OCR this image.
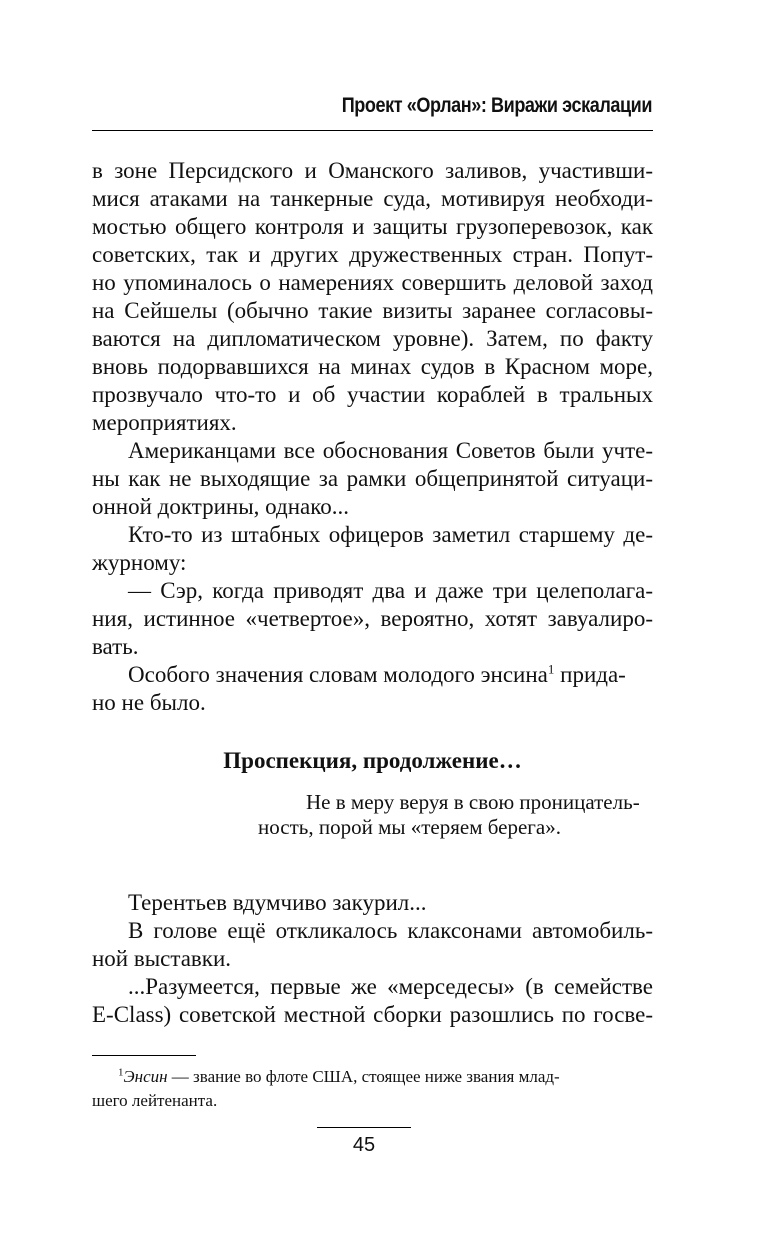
Проект «Орлан»: Виражи эскалации
в зоне Персидского и Оманского заливов, участивши-
мися атаками на танкерные суда, мотивируя необходи-
мостью общего контроля и защиты грузоперевозок, как
советских, так и других дружественных стран. Попут-
но упоминалось о намерениях совершить деловой заход
на Сейшелы (обычно такие визиты заранее согласовы-
ваются на дипломатическом уровне). Затем, по факту
вновь подорвавшихся на минах судов в Красном море,
прозвучало что-то и об участии кораблей в тральных
мероприятиях.
Американцами все обоснования Советов были учте-
ны как не выходящие за рамки общепринятой ситуаци-
онной доктрины, однако...
Кто-то из штабных офицеров заметил старшему де-
журному:
— Сэр, когда приводят два и даже три целеполага-
ния, истинное «четвертое», вероятно, хотят завуалиро-
вать.
Особого значения словам молодого энсина$^1$ прида-
но не было.
Проспекция, продолжение…
Не в меру веруя в свою проницатель-
ность, порой мы «теряем берега».
Терентьев вдумчиво закурил...
В голове ещё откликалось клаксонами автомобиль-
ной выставки.
...Разумеется, первые же «мерседесы» (в семействе
E-Class) советской местной сборки разошлись по госве-
$^1$Энсин — звание во флоте США, стоящее ниже звания млад-
шего лейтенанта.
45
